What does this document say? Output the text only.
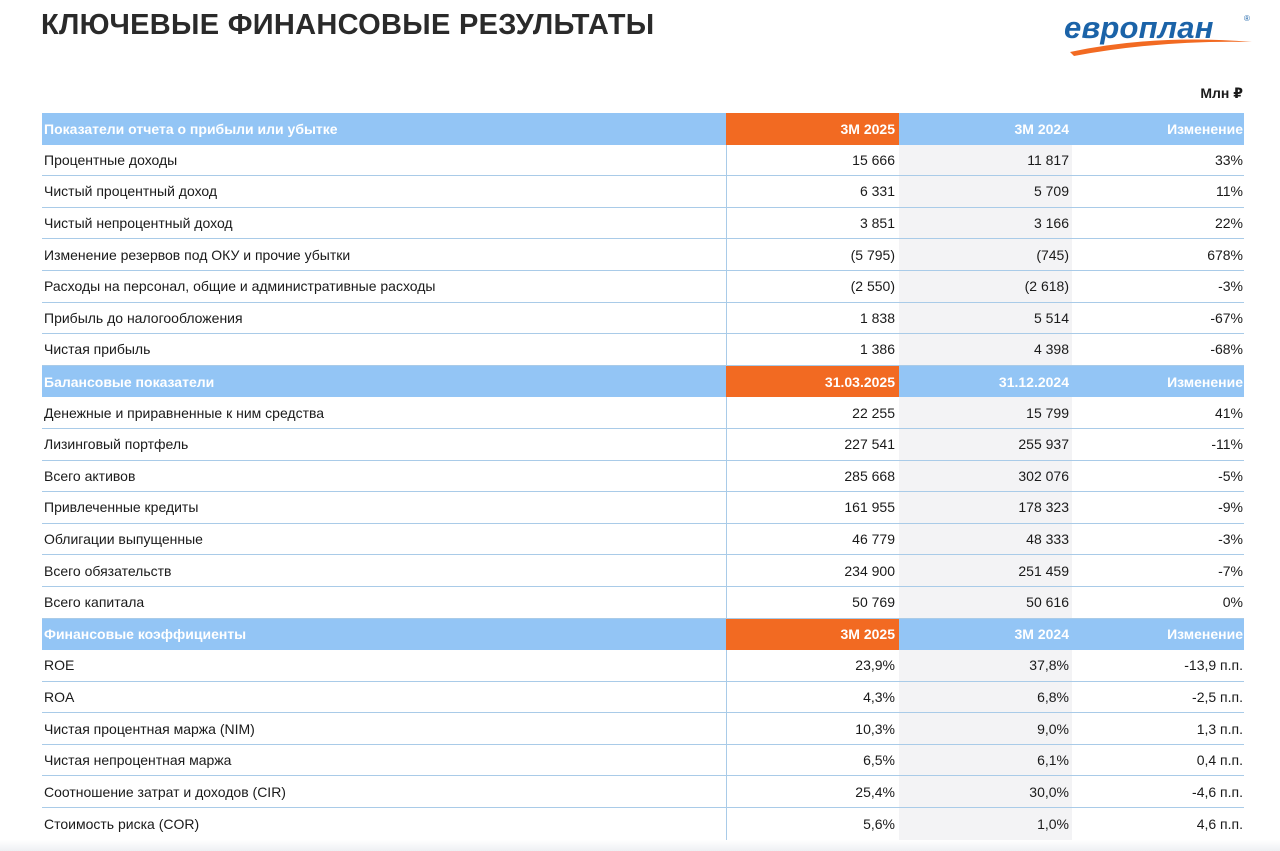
КЛЮЧЕВЫЕ ФИНАНСОВЫЕ РЕЗУЛЬТАТЫ	европлан	®
Млн ₽
Показатели отчета о прибыли или убытке	3М 2025	3М 2024	Изменение
Процентные доходы	15 666	11 817	33%
Чистый процентный доход	6 331	5 709	11%
Чистый непроцентный доход	3 851	3 166	22%
Изменение резервов под ОКУ и прочие убытки	(5 795)	(745)	678%
Расходы на персонал, общие и административные расходы	(2 550)	(2 618)	-3%
Прибыль до налогообложения	1 838	5 514	-67%
Чистая прибыль	1 386	4 398	-68%
Балансовые показатели	31.03.2025	31.12.2024	Изменение
Денежные и приравненные к ним средства	22 255	15 799	41%
Лизинговый портфель	227 541	255 937	-11%
Всего активов	285 668	302 076	-5%
Привлеченные кредиты	161 955	178 323	-9%
Облигации выпущенные	46 779	48 333	-3%
Всего обязательств	234 900	251 459	-7%
Всего капитала	50 769	50 616	0%
Финансовые коэффициенты	3М 2025	3М 2024	Изменение
ROE	23,9%	37,8%	-13,9 п.п.
ROA	4,3%	6,8%	-2,5 п.п.
Чистая процентная маржа (NIM)	10,3%	9,0%	1,3 п.п.
Чистая непроцентная маржа	6,5%	6,1%	0,4 п.п.
Соотношение затрат и доходов (CIR)	25,4%	30,0%	-4,6 п.п.
Стоимость риска (COR)	5,6%	1,0%	4,6 п.п.
